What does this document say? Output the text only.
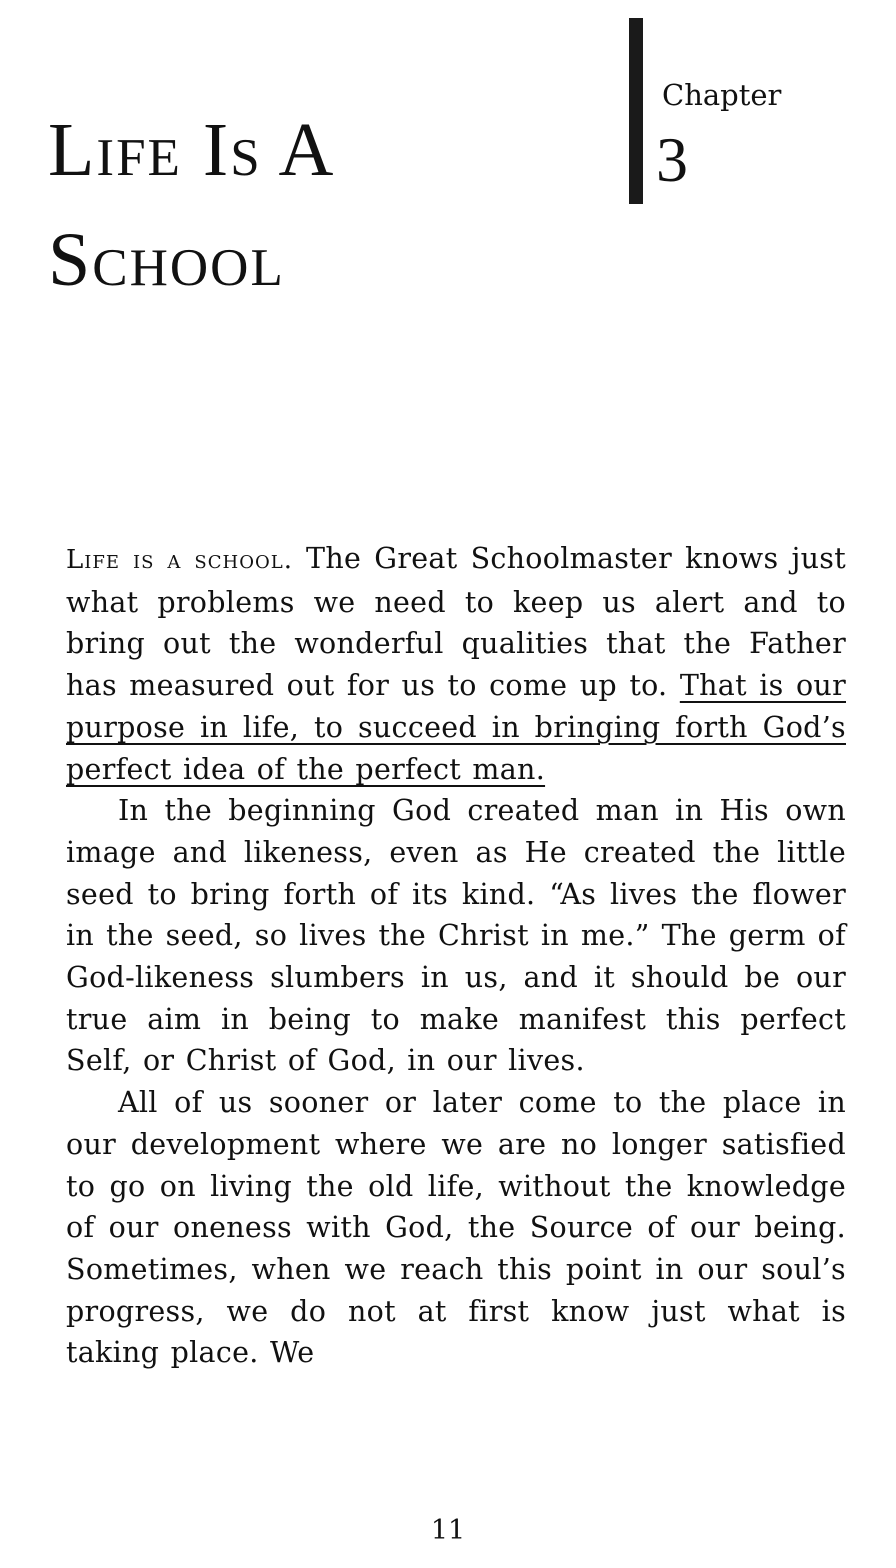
Life Is A
School
Chapter
3

Life is a school. The Great Schoolmaster knows just what problems we need to keep us alert and to bring out the wonderful qualities that the Father has measured out for us to come up to. That is our purpose in life, to succeed in bringing forth God’s perfect idea of the perfect man.

In the beginning God created man in His own image and likeness, even as He created the little seed to bring forth of its kind. “As lives the flower in the seed, so lives the Christ in me.” The germ of God-likeness slumbers in us, and it should be our true aim in being to make manifest this perfect Self, or Christ of God, in our lives.

All of us sooner or later come to the place in our development where we are no longer satisfied to go on living the old life, without the knowledge of our oneness with God, the Source of our being. Sometimes, when we reach this point in our soul’s progress, we do not at first know just what is taking place. We

11
